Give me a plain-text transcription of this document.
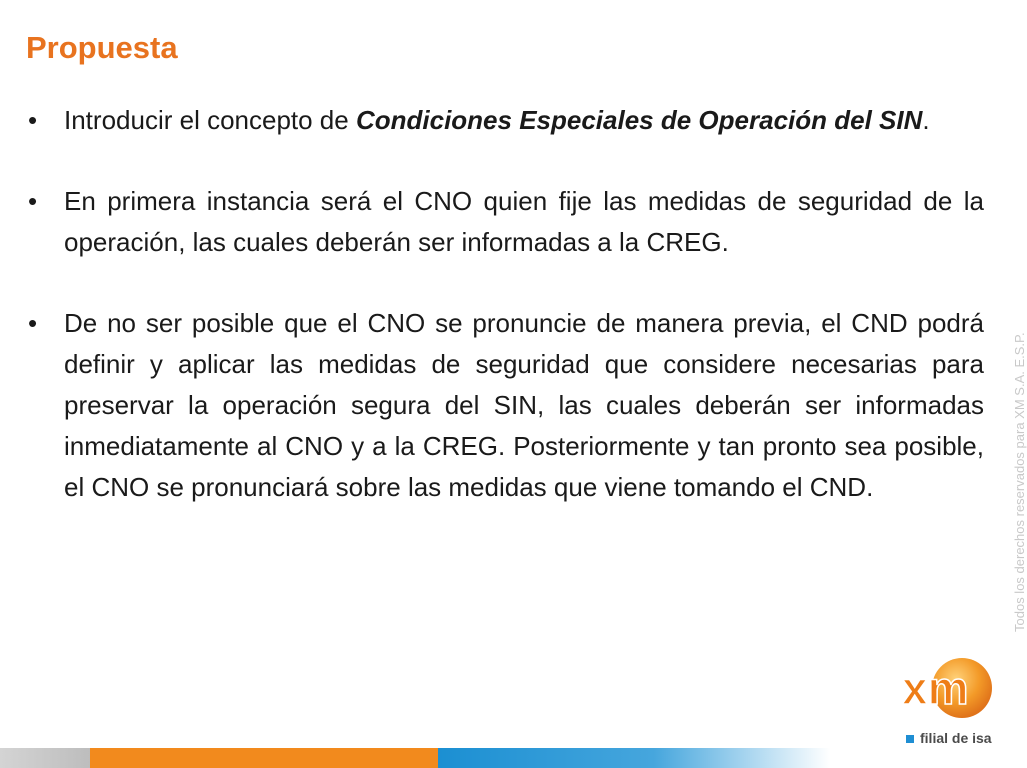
Propuesta
• Introducir el concepto de Condiciones Especiales de Operación del SIN.
• En primera instancia será el CNO quien fije las medidas de seguridad de la operación, las cuales deberán ser informadas a la CREG.
• De no ser posible que el CNO se pronuncie de manera previa, el CND podrá definir y aplicar las medidas de seguridad que considere necesarias para preservar la operación segura del SIN, las cuales deberán ser informadas inmediatamente al CNO y a la CREG. Posteriormente y tan pronto sea posible, el CNO se pronunciará sobre las medidas que viene tomando el CND.	Todos los derechos reservados para XM S.A. E.S.P.
xm
filial de isa
